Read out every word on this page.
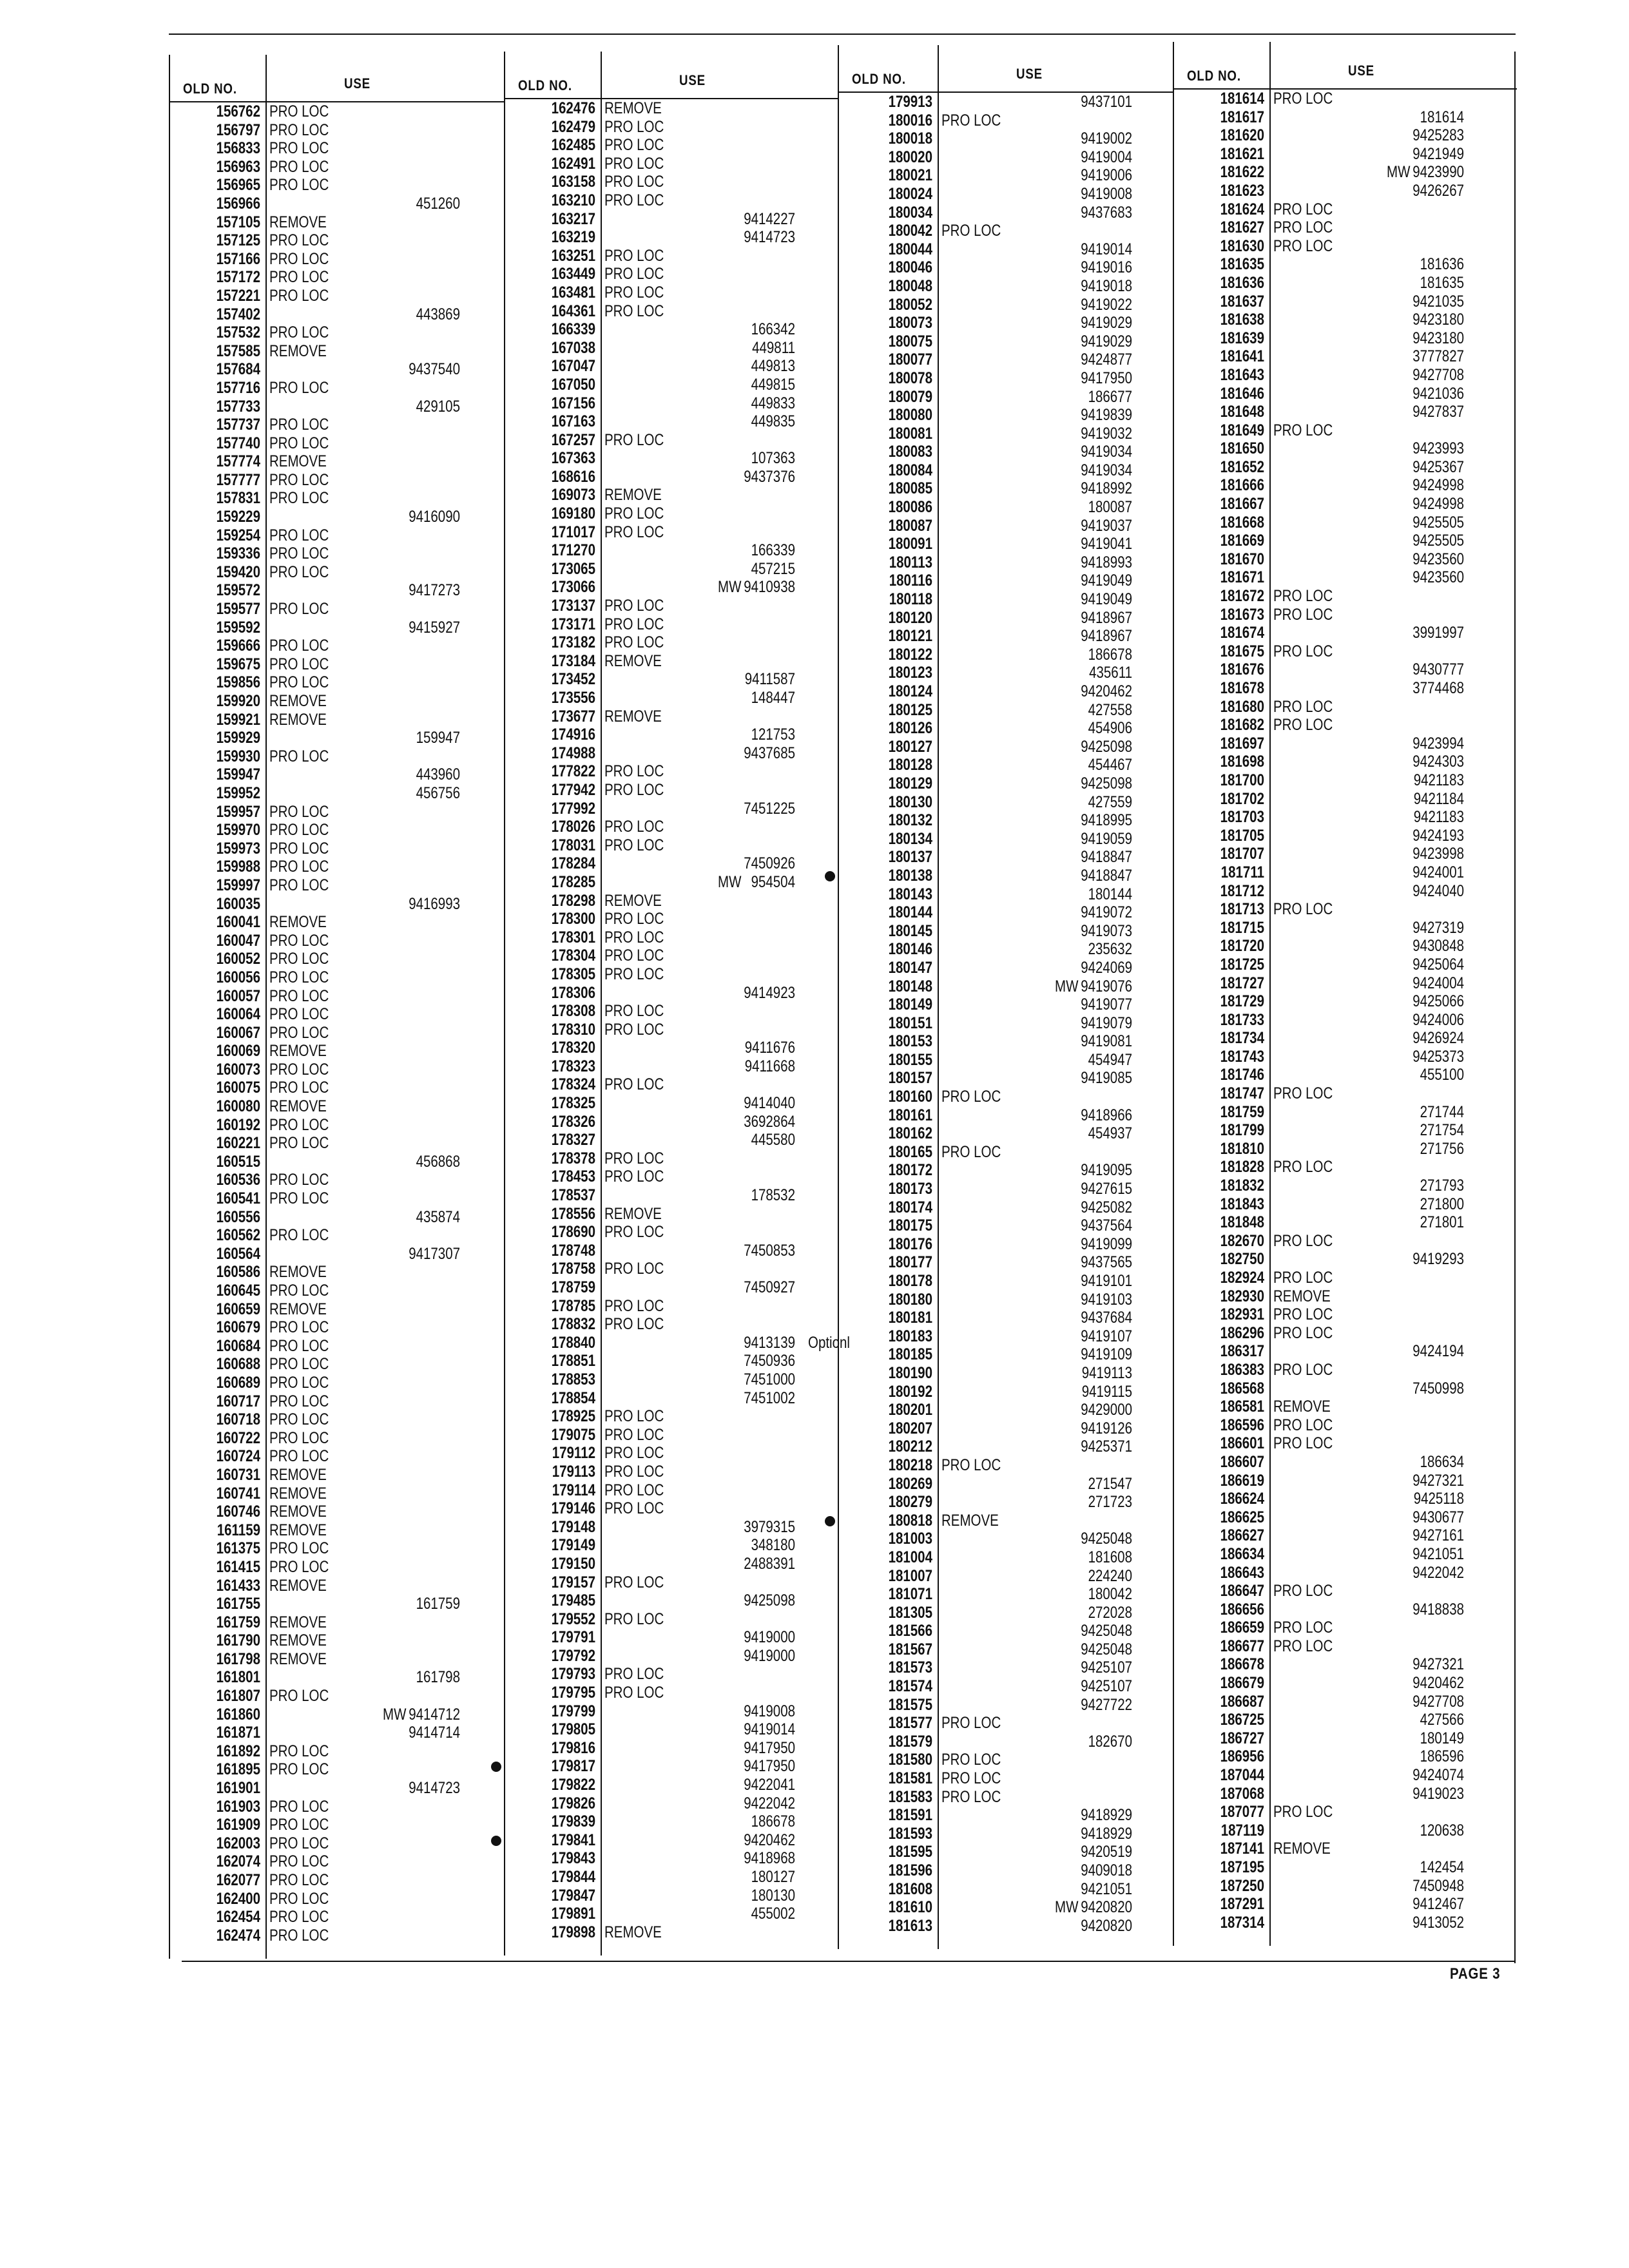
OLD NO.	USE
156762 PRO LOC
156797 PRO LOC
156833 PRO LOC
156963 PRO LOC
156965 PRO LOC
156966	451260
157105 REMOVE
157125 PRO LOC
157166 PRO LOC
157172 PRO LOC
157221 PRO LOC
157402	443869
157532 PRO LOC
157585 REMOVE
157684	9437540
157716 PRO LOC
157733	429105
157737 PRO LOC
157740 PRO LOC
157774 REMOVE
157777 PRO LOC
157831 PRO LOC
159229	9416090
159254 PRO LOC
159336 PRO LOC
159420 PRO LOC
159572	9417273
159577 PRO LOC
159592	9415927
159666 PRO LOC
159675 PRO LOC
159856 PRO LOC
159920 REMOVE
159921 REMOVE
159929	159947
159930 PRO LOC
159947	443960
159952	456756
159957 PRO LOC
159970 PRO LOC
159973 PRO LOC
159988 PRO LOC
159997 PRO LOC
160035	9416993
160041 REMOVE
160047 PRO LOC
160052 PRO LOC
160056 PRO LOC
160057 PRO LOC
160064 PRO LOC
160067 PRO LOC
160069 REMOVE
160073 PRO LOC
160075 PRO LOC
160080 REMOVE
160192 PRO LOC
160221 PRO LOC
160515	456868
160536 PRO LOC
160541 PRO LOC
160556	435874
160562 PRO LOC
160564	9417307
160586 REMOVE
160645 PRO LOC
160659 REMOVE
160679 PRO LOC
160684 PRO LOC
160688 PRO LOC
160689 PRO LOC
160717 PRO LOC
160718 PRO LOC
160722 PRO LOC
160724 PRO LOC
160731 REMOVE
160741 REMOVE
160746 REMOVE
161159 REMOVE
161375 PRO LOC
161415 PRO LOC
161433 REMOVE
161755	161759
161759 REMOVE
161790 REMOVE
161798 REMOVE
161801	161798
161807 PRO LOC
161860	MW 9414712
161871	9414714
161892 PRO LOC
161895 PRO LOC
161901	9414723
161903 PRO LOC
161909 PRO LOC
162003 PRO LOC
162074 PRO LOC
162077 PRO LOC
162400 PRO LOC
162454 PRO LOC
162474 PRO LOC
OLD NO.	USE
162476 REMOVE
162479 PRO LOC
162485 PRO LOC
162491 PRO LOC
163158 PRO LOC
163210 PRO LOC
163217	9414227
163219	9414723
163251 PRO LOC
163449 PRO LOC
163481 PRO LOC
164361 PRO LOC
166339	166342
167038	449811
167047	449813
167050	449815
167156	449833
167163	449835
167257 PRO LOC
167363	107363
168616	9437376
169073 REMOVE
169180 PRO LOC
171017 PRO LOC
171270	166339
173065	457215
173066	MW 9410938
173137 PRO LOC
173171 PRO LOC
173182 PRO LOC
173184 REMOVE
173452	9411587
173556	148447
173677 REMOVE
174916	121753
174988	9437685
177822 PRO LOC
177942 PRO LOC
177992	7451225
178026 PRO LOC
178031 PRO LOC
178284	7450926
178285	MW 954504
178298 REMOVE
178300 PRO LOC
178301 PRO LOC
178304 PRO LOC
178305 PRO LOC
178306	9414923
178308 PRO LOC
178310 PRO LOC
178320	9411676
178323	9411668
178324 PRO LOC
178325	9414040
178326	3692864
178327	445580
178378 PRO LOC
178453 PRO LOC
178537	178532
178556 REMOVE
178690 PRO LOC
178748	7450853
178758 PRO LOC
178759	7450927
178785 PRO LOC
178832 PRO LOC
178840	9413139 Optionl
178851	7450936
178853	7451000
178854	7451002
178925 PRO LOC
179075 PRO LOC
179112 PRO LOC
179113 PRO LOC
179114 PRO LOC
179146 PRO LOC
179148	3979315
179149	348180
179150	2488391
179157 PRO LOC
179485	9425098
179552 PRO LOC
179791	9419000
179792	9419000
179793 PRO LOC
179795 PRO LOC
179799	9419008
179805	9419014
179816	9417950
179817	9417950
179822	9422041
179826	9422042
179839	186678
179841	9420462
179843	9418968
179844	180127
179847	180130
179891	455002
179898 REMOVE
OLD NO.	USE
179913	9437101
180016 PRO LOC
180018	9419002
180020	9419004
180021	9419006
180024	9419008
180034	9437683
180042 PRO LOC
180044	9419014
180046	9419016
180048	9419018
180052	9419022
180073	9419029
180075	9419029
180077	9424877
180078	9417950
180079	186677
180080	9419839
180081	9419032
180083	9419034
180084	9419034
180085	9418992
180086	180087
180087	9419037
180091	9419041
180113	9418993
180116	9419049
180118	9419049
180120	9418967
180121	9418967
180122	186678
180123	435611
180124	9420462
180125	427558
180126	454906
180127	9425098
180128	454467
180129	9425098
180130	427559
180132	9418995
180134	9419059
180137	9418847
180138	9418847
180143	180144
180144	9419072
180145	9419073
180146	235632
180147	9424069
180148	MW 9419076
180149	9419077
180151	9419079
180153	9419081
180155	454947
180157	9419085
180160 PRO LOC
180161	9418966
180162	454937
180165 PRO LOC
180172	9419095
180173	9427615
180174	9425082
180175	9437564
180176	9419099
180177	9437565
180178	9419101
180180	9419103
180181	9437684
180183	9419107
180185	9419109
180190	9419113
180192	9419115
180201	9429000
180207	9419126
180212	9425371
180218 PRO LOC
180269	271547
180279	271723
180818 REMOVE
181003	9425048
181004	181608
181007	224240
181071	180042
181305	272028
181566	9425048
181567	9425048
181573	9425107
181574	9425107
181575	9427722
181577 PRO LOC
181579	182670
181580 PRO LOC
181581 PRO LOC
181583 PRO LOC
181591	9418929
181593	9418929
181595	9420519
181596	9409018
181608	9421051
181610	MW 9420820
181613	9420820
OLD NO.	USE
181614 PRO LOC
181617	181614
181620	9425283
181621	9421949
181622	MW 9423990
181623	9426267
181624 PRO LOC
181627 PRO LOC
181630 PRO LOC
181635	181636
181636	181635
181637	9421035
181638	9423180
181639	9423180
181641	3777827
181643	9427708
181646	9421036
181648	9427837
181649 PRO LOC
181650	9423993
181652	9425367
181666	9424998
181667	9424998
181668	9425505
181669	9425505
181670	9423560
181671	9423560
181672 PRO LOC
181673 PRO LOC
181674	3991997
181675 PRO LOC
181676	9430777
181678	3774468
181680 PRO LOC
181682 PRO LOC
181697	9423994
181698	9424303
181700	9421183
181702	9421184
181703	9421183
181705	9424193
181707	9423998
181711	9424001
181712	9424040
181713 PRO LOC
181715	9427319
181720	9430848
181725	9425064
181727	9424004
181729	9425066
181733	9424006
181734	9426924
181743	9425373
181746	455100
181747 PRO LOC
181759	271744
181799	271754
181810	271756
181828 PRO LOC
181832	271793
181843	271800
181848	271801
182670 PRO LOC
182750	9419293
182924 PRO LOC
182930 REMOVE
182931 PRO LOC
186296 PRO LOC
186317	9424194
186383 PRO LOC
186568	7450998
186581 REMOVE
186596 PRO LOC
186601 PRO LOC
186607	186634
186619	9427321
186624	9425118
186625	9430677
186627	9427161
186634	9421051
186643	9422042
186647 PRO LOC
186656	9418838
186659 PRO LOC
186677 PRO LOC
186678	9427321
186679	9420462
186687	9427708
186725	427566
186727	180149
186956	186596
187044	9424074
187068	9419023
187077 PRO LOC
187119	120638
187141 REMOVE
187195	142454
187250	7450948
187291	9412467
187314	9413052
PAGE 3
